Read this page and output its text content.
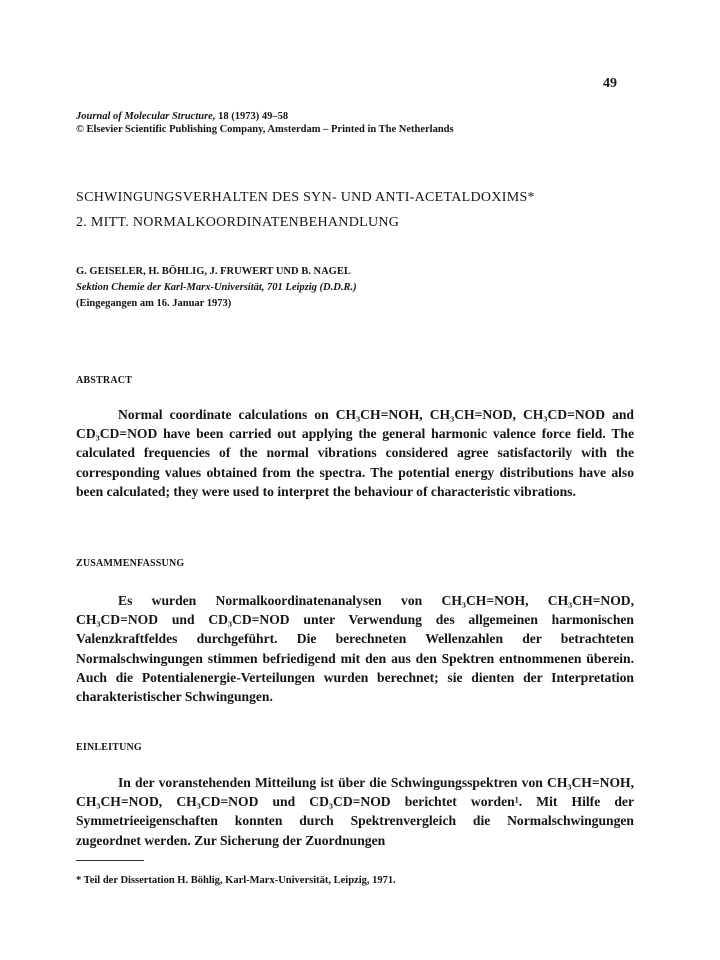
49
Journal of Molecular Structure, 18 (1973) 49–58
© Elsevier Scientific Publishing Company, Amsterdam – Printed in The Netherlands
SCHWINGUNGSVERHALTEN DES SYN- UND ANTI-ACETALDOXIMS*
2. MITT. NORMALKOORDINATENBEHANDLUNG
G. GEISELER, H. BÖHLIG, J. FRUWERT UND B. NAGEL
Sektion Chemie der Karl-Marx-Universität, 701 Leipzig (D.D.R.)
(Eingegangen am 16. Januar 1973)
ABSTRACT
Normal coordinate calculations on CH₃CH=NOH, CH₃CH=NOD, CH₃CD=NOD and CD₃CD=NOD have been carried out applying the general harmonic valence force field. The calculated frequencies of the normal vibrations considered agree satisfactorily with the corresponding values obtained from the spectra. The potential energy distributions have also been calculated; they were used to interpret the behaviour of characteristic vibrations.
ZUSAMMENFASSUNG
Es wurden Normalkoordinatenanalysen von CH₃CH=NOH, CH₃CH=NOD, CH₃CD=NOD und CD₃CD=NOD unter Verwendung des allgemeinen harmonischen Valenzkraftfeldes durchgeführt. Die berechneten Wellenzahlen der betrachteten Normalschwingungen stimmen befriedigend mit den aus den Spektren entnommenen überein. Auch die Potentialenergie-Verteilungen wurden berechnet; sie dienten der Interpretation charakteristischer Schwingungen.
EINLEITUNG
In der voranstehenden Mitteilung ist über die Schwingungsspektren von CH₃CH=NOH, CH₃CH=NOD, CH₃CD=NOD und CD₃CD=NOD berichtet worden¹. Mit Hilfe der Symmetrieeigenschaften konnten durch Spektrenvergleich die Normalschwingungen zugeordnet werden. Zur Sicherung der Zuordnungen
* Teil der Dissertation H. Böhlig, Karl-Marx-Universität, Leipzig, 1971.
